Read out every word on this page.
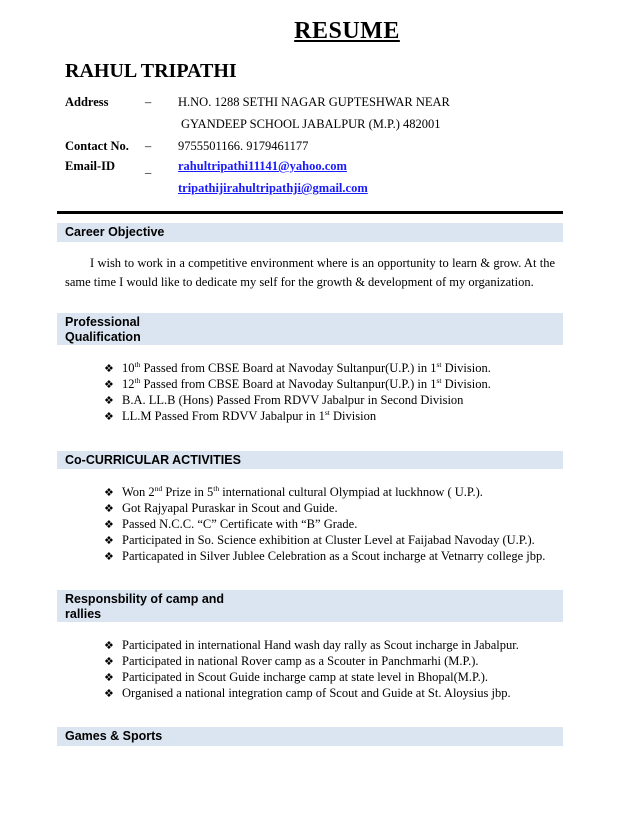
RESUME
RAHUL TRIPATHI
Address	– H.NO. 1288 SETHI NAGAR GUPTESHWAR NEAR
GYANDEEP SCHOOL JABALPUR (M.P.) 482001
Contact No. – 9755501166. 9179461177
Email-ID _ rahultripathi11141@yahoo.com
tripathijirahultripathji@gmail.com
Career Objective
I wish to work in a competitive environment where is an opportunity to learn & grow. At the same time I would like to dedicate my self for the growth & development of my organization.
Professional
Qualification
❖ 10th Passed from CBSE Board at Navoday Sultanpur(U.P.) in 1st Division.
❖ 12th Passed from CBSE Board at Navoday Sultanpur(U.P.) in 1st Division.
❖ B.A. LL.B (Hons) Passed From RDVV Jabalpur in Second Division
❖ LL.M Passed From RDVV Jabalpur in 1st Division
Co-CURRICULAR ACTIVITIES
❖ Won 2nd Prize in 5th international cultural Olympiad at luckhnow ( U.P.).
❖ Got Rajyapal Puraskar in Scout and Guide.
❖ Passed N.C.C. “C” Certificate with “B” Grade.
❖ Participated in So. Science exhibition at Cluster Level at Faijabad Navoday (U.P.).
❖ Particapated in Silver Jublee Celebration as a Scout incharge at Vetnarry college jbp.
Responsbility of camp and
rallies
❖ Participated in international Hand wash day rally as Scout incharge in Jabalpur.
❖ Participated in national Rover camp as a Scouter in Panchmarhi (M.P.).
❖ Participated in Scout Guide incharge camp at state level in Bhopal(M.P.).
❖ Organised a national integration camp of Scout and Guide at St. Aloysius jbp.
Games & Sports
